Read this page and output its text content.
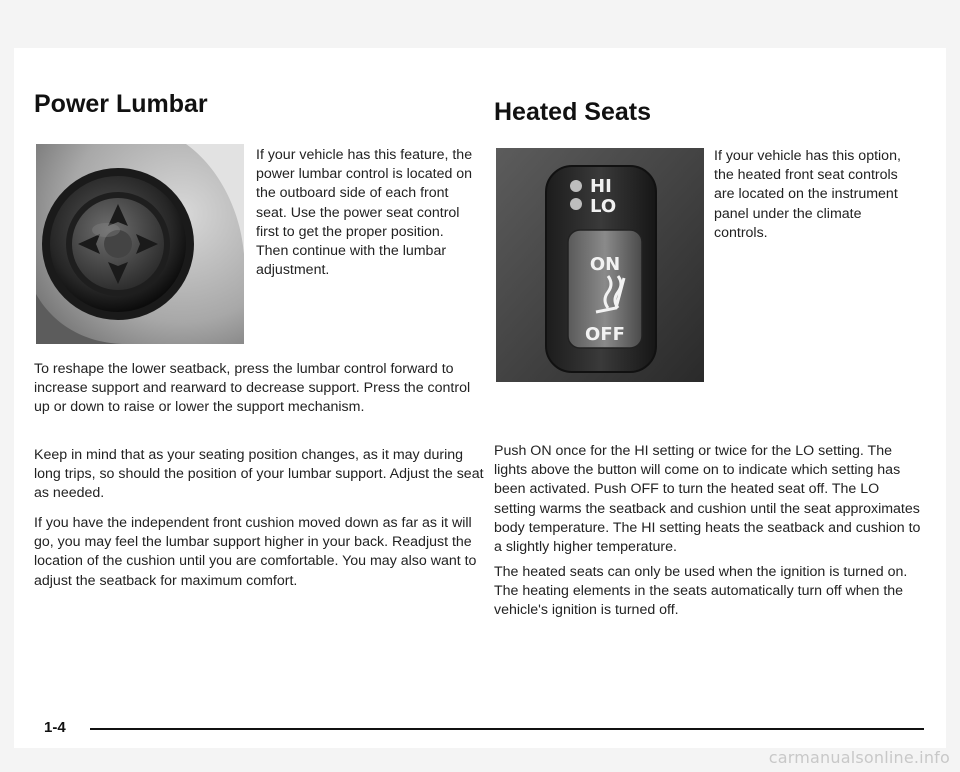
Power Lumbar

If your vehicle has this feature, the power lumbar control is located on the outboard side of each front seat. Use the power seat control first to get the proper position. Then continue with the lumbar adjustment.

To reshape the lower seatback, press the lumbar control forward to increase support and rearward to decrease support. Press the control up or down to raise or lower the support mechanism.

Keep in mind that as your seating position changes, as it may during long trips, so should the position of your lumbar support. Adjust the seat as needed.

If you have the independent front cushion moved down as far as it will go, you may feel the lumbar support higher in your back. Readjust the location of the cushion until you are comfortable. You may also want to adjust the seatback for maximum comfort.

Heated Seats
HI
LO
ON
OFF

If your vehicle has this option, the heated front seat controls are located on the instrument panel under the climate controls.

Push ON once for the HI setting or twice for the LO setting. The lights above the button will come on to indicate which setting has been activated. Push OFF to turn the heated seat off. The LO setting warms the seatback and cushion until the seat approximates body temperature. The HI setting heats the seatback and cushion to a slightly higher temperature.

The heated seats can only be used when the ignition is turned on. The heating elements in the seats automatically turn off when the vehicle's ignition is turned off.

1-4
carmanualsonline.info
